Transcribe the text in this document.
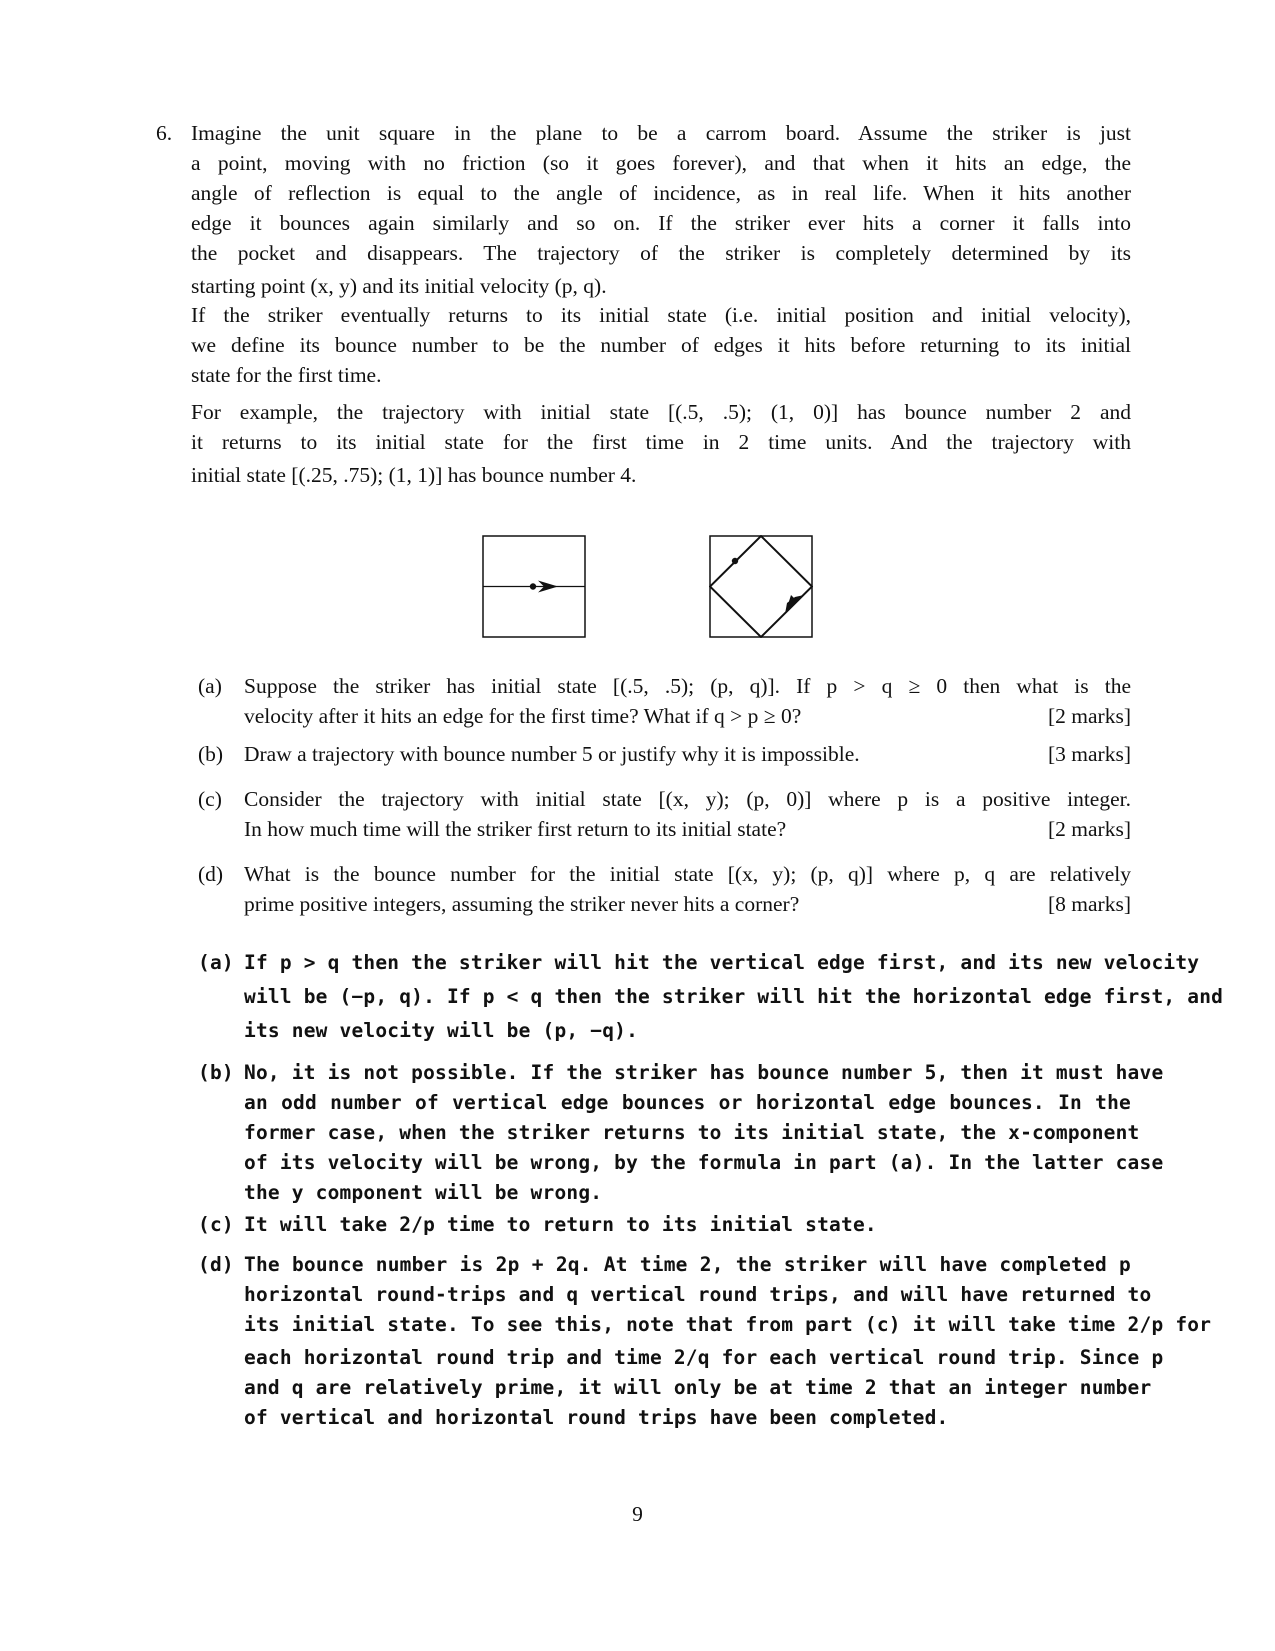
6. Imagine the unit square in the plane to be a carrom board. Assume the striker is just
a point, moving with no friction (so it goes forever), and that when it hits an edge, the
angle of reflection is equal to the angle of incidence, as in real life. When it hits another
edge it bounces again similarly and so on. If the striker ever hits a corner it falls into
the pocket and disappears. The trajectory of the striker is completely determined by its
starting point (x, y) and its initial velocity (p, q).
If the striker eventually returns to its initial state (i.e. initial position and initial velocity),
we define its bounce number to be the number of edges it hits before returning to its initial
state for the first time.
For example, the trajectory with initial state [(.5, .5); (1, 0)] has bounce number 2 and
it returns to its initial state for the first time in 2 time units. And the trajectory with
initial state [(.25, .75); (1, 1)] has bounce number 4.
(a) Suppose the striker has initial state [(.5, .5); (p, q)]. If p > q ≥ 0 then what is the
velocity after it hits an edge for the first time? What if q > p ≥ 0?	[2 marks]
(b) Draw a trajectory with bounce number 5 or justify why it is impossible.	[3 marks]
(c) Consider the trajectory with initial state [(x, y); (p, 0)] where p is a positive integer.
In how much time will the striker first return to its initial state?	[2 marks]
(d) What is the bounce number for the initial state [(x, y); (p, q)] where p, q are relatively
prime positive integers, assuming the striker never hits a corner?	[8 marks]
(a) If p > q then the striker will hit the vertical edge first, and its new velocity
will be (−p, q). If p < q then the striker will hit the horizontal edge first, and
its new velocity will be (p, −q).
(b) No, it is not possible. If the striker has bounce number 5, then it must have
an odd number of vertical edge bounces or horizontal edge bounces. In the
former case, when the striker returns to its initial state, the x-component
of its velocity will be wrong, by the formula in part (a). In the latter case
the y component will be wrong.
(c) It will take 2/p time to return to its initial state.
(d) The bounce number is 2p + 2q. At time 2, the striker will have completed p
horizontal round-trips and q vertical round trips, and will have returned to
its initial state. To see this, note that from part (c) it will take time 2/p for
each horizontal round trip and time 2/q for each vertical round trip. Since p
and q are relatively prime, it will only be at time 2 that an integer number
of vertical and horizontal round trips have been completed.
9
